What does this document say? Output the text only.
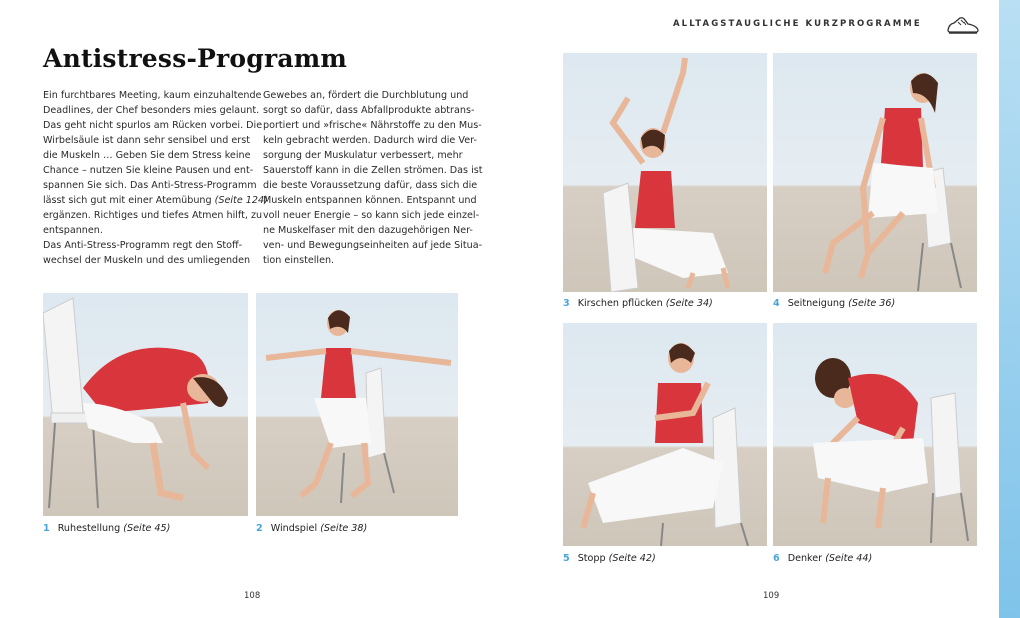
ALLTAGSTAUGLICHE KURZPROGRAMME
Antistress-Programm

Ein furchtbares Meeting, kaum einzuhaltende

Deadlines, der Chef besonders mies gelaunt.

Das geht nicht spurlos am Rücken vorbei. Die

Wirbelsäule ist dann sehr sensibel und erst

die Muskeln … Geben Sie dem Stress keine

Chance – nutzen Sie kleine Pausen und ent-

spannen Sie sich. Das Anti-Stress-Programm

lässt sich gut mit einer Atemübung (Seite 124)

ergänzen. Richtiges und tiefes Atmen hilft, zu

entspannen.

Das Anti-Stress-Programm regt den Stoff-

wechsel der Muskeln und des umliegenden

Gewebes an, fördert die Durchblutung und

sorgt so dafür, dass Abfallprodukte abtrans-

portiert und »frische« Nährstoffe zu den Mus-

keln gebracht werden. Dadurch wird die Ver-

sorgung der Muskulatur verbessert, mehr

Sauerstoff kann in die Zellen strömen. Das ist

die beste Voraussetzung dafür, dass sich die

Muskeln entspannen können. Entspannt und

voll neuer Energie – so kann sich jede einzel-

ne Muskelfaser mit den dazugehörigen Ner-

ven- und Bewegungseinheiten auf jede Situa-

tion einstellen.

1 Ruhestellung (Seite 45)	2 Windspiel (Seite 38)
3 Kirschen pflücken (Seite 34)	4 Seitneigung (Seite 36)
5 Stopp (Seite 42)	6 Denker (Seite 44)
108	109
